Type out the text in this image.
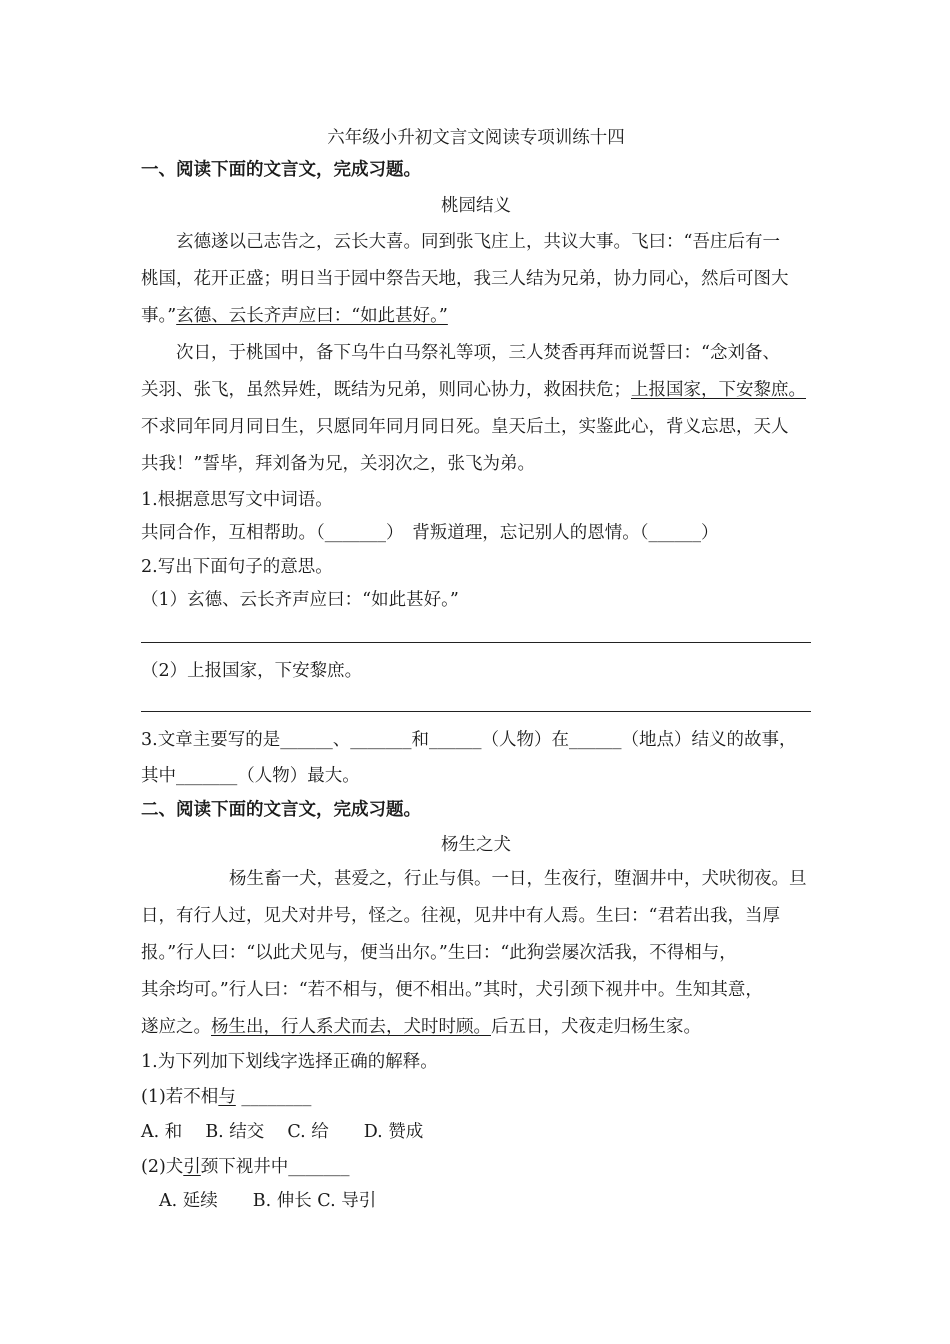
六年级小升初文言文阅读专项训练十四
一、阅读下面的文言文，完成习题。
桃园结义
玄德遂以己志告之，云长大喜。同到张飞庄上，共议大事。飞曰：“吾庄后有一
桃国，花开正盛；明日当于园中祭告天地，我三人结为兄弟，协力同心，然后可图大
事。”玄德、云长齐声应曰：“如此甚好。”
次日，于桃国中，备下乌牛白马祭礼等项，三人焚香再拜而说誓曰：“念刘备、
关羽、张飞，虽然异姓，既结为兄弟，则同心协力，救困扶危；上报国家，下安黎庶。
不求同年同月同日生，只愿同年同月同日死。皇天后土，实鉴此心，背义忘思，天人
共我！”誓毕，拜刘备为兄，关羽次之，张飞为弟。
1.根据意思写文中词语。
共同合作，互相帮助。（_______）　背叛道理，忘记别人的恩情。（______）
2.写出下面句子的意思。
（1）玄德、云长齐声应曰：“如此甚好。”
（2）上报国家，下安黎庶。
3.文章主要写的是______、_______和______（人物）在______（地点）结义的故事，
其中_______（人物）最大。
二、阅读下面的文言文，完成习题。
杨生之犬
杨生畜一犬，甚爱之，行止与俱。一日，生夜行，堕涸井中，犬吠彻夜。旦
日，有行人过，见犬对井号，怪之。往视，见井中有人焉。生曰：“君若出我，当厚
报。”行人曰：“以此犬见与，便当出尔。”生曰：“此狗尝屡次活我，不得相与，
其余均可。”行人曰：“若不相与，便不相出。”其时，犬引颈下视井中。生知其意，
遂应之。杨生出，行人系犬而去，犬时时顾。后五日，犬夜走归杨生家。
1.为下列加下划线字选择正确的解释。
(1)若不相与 ________
A. 和　 B. 结交　 C. 给　　D. 赞成
(2)犬引颈下视井中_______
A. 延续　　B. 伸长 C. 导引
